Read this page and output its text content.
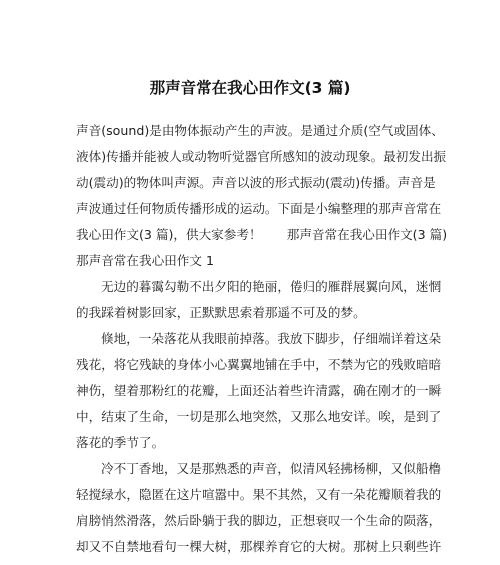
那声音常在我心田作文(3 篇)
声音(sound)是由物体振动产生的声波。是通过介质(空气或固体、
液体)传播并能被人或动物听觉器官所感知的波动现象。最初发出振
动(震动)的物体叫声源。声音以波的形式振动(震动)传播。声音是
声波通过任何物质传播形成的运动。下面是小编整理的那声音常在
我心田作文(3 篇)，供大家参考！　　那声音常在我心田作文(3 篇)
那声音常在我心田作文 1
无边的暮霭勾勒不出夕阳的艳丽，倦归的雁群展翼向风，迷惘
的我踩着树影回家，正默默思索着那遥不可及的梦。
倏地，一朵落花从我眼前掉落。我放下脚步，仔细端详着这朵
残花，将它残缺的身体小心翼翼地铺在手中，不禁为它的残败暗暗
神伤，望着那粉红的花瓣，上面还沾着些许清露，确在刚才的一瞬
中，结束了生命，一切是那么地突然，又那么地安详。唉，是到了
落花的季节了。
冷不丁香地，又是那熟悉的声音，似清风轻拂杨柳，又似船橹
轻搅绿水，隐匿在这片喧嚣中。果不其然，又有一朵花瓣顺着我的
肩膀悄然滑落，然后卧躺于我的脚边，正想衰叹一个生命的陨落，
却又不自禁地看句一棵大树，那棵养育它的大树。那树上只剩些许
